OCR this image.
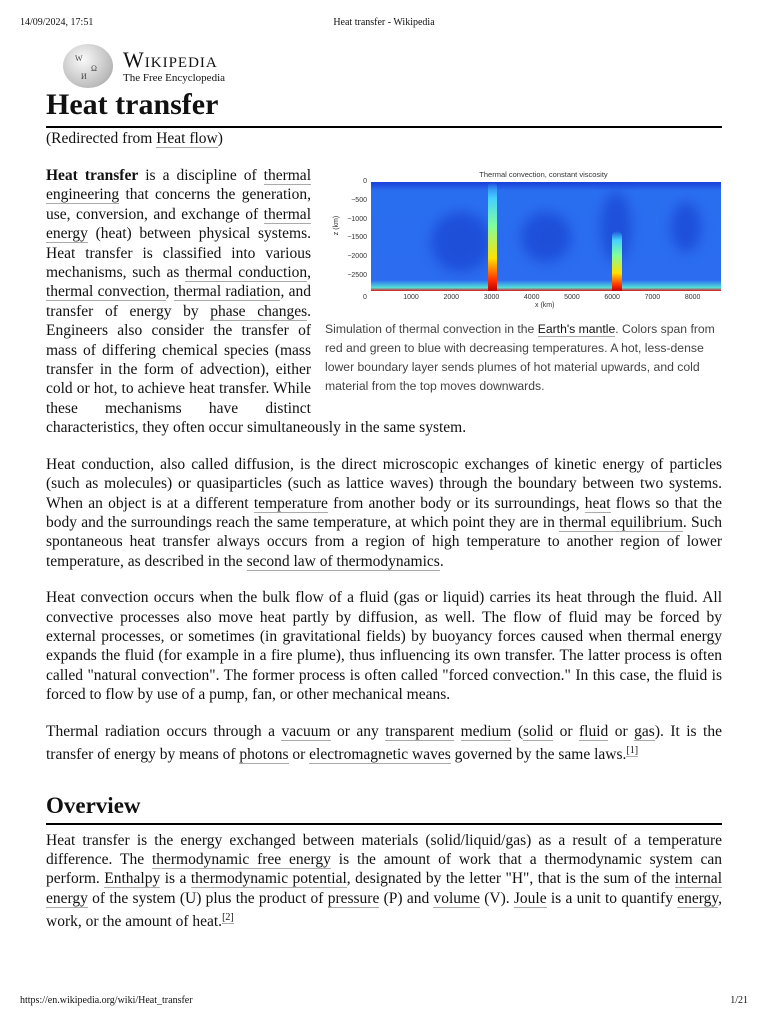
14/09/2024, 17:51	Heat transfer - Wikipedia
W
Ω
И
Wikipedia
The Free Encyclopedia
Heat transfer
(Redirected from Heat flow)
Thermal convection, constant viscosity
0
−500
−1000
−1500
−2000
−2500
0	1000	2000	3000	4000	5000	6000	7000	8000
x (km)
z (km)
Simulation of thermal convection in the Earth's mantle. Colors span from red and green to blue with decreasing temperatures. A hot, less-dense lower boundary layer sends plumes of hot material upwards, and cold material from the top moves downwards.

Heat transfer is a discipline of thermal engineering that concerns the generation, use, conversion, and exchange of thermal energy (heat) between physical systems. Heat transfer is classified into various mechanisms, such as thermal conduction, thermal convection, thermal radiation, and transfer of energy by phase changes. Engineers also consider the transfer of mass of differing chemical species (mass transfer in the form of advection), either cold or hot, to achieve heat transfer. While these mechanisms have distinct characteristics, they often occur simultaneously in the same system.

Heat conduction, also called diffusion, is the direct microscopic exchanges of kinetic energy of particles (such as molecules) or quasiparticles (such as lattice waves) through the boundary between two systems. When an object is at a different temperature from another body or its surroundings, heat flows so that the body and the surroundings reach the same temperature, at which point they are in thermal equilibrium. Such spontaneous heat transfer always occurs from a region of high temperature to another region of lower temperature, as described in the second law of thermodynamics.

Heat convection occurs when the bulk flow of a fluid (gas or liquid) carries its heat through the fluid. All convective processes also move heat partly by diffusion, as well. The flow of fluid may be forced by external processes, or sometimes (in gravitational fields) by buoyancy forces caused when thermal energy expands the fluid (for example in a fire plume), thus influencing its own transfer. The latter process is often called "natural convection". The former process is often called "forced convection." In this case, the fluid is forced to flow by use of a pump, fan, or other mechanical means.

Thermal radiation occurs through a vacuum or any transparent medium (solid or fluid or gas). It is the transfer of energy by means of photons or electromagnetic waves governed by the same laws.[1]

Overview

Heat transfer is the energy exchanged between materials (solid/liquid/gas) as a result of a temperature difference. The thermodynamic free energy is the amount of work that a thermodynamic system can perform. Enthalpy is a thermodynamic potential, designated by the letter "H", that is the sum of the internal energy of the system (U) plus the product of pressure (P) and volume (V). Joule is a unit to quantify energy, work, or the amount of heat.[2]

https://en.wikipedia.org/wiki/Heat_transfer	1/21
